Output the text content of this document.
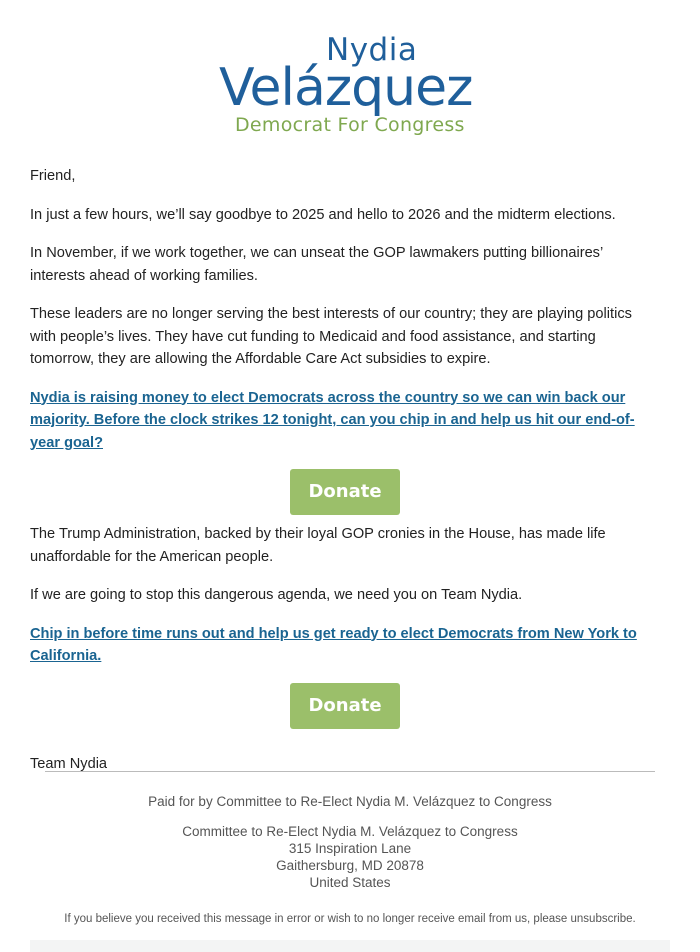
Nydia
Velázquez
Democrat For Congress

Friend,

In just a few hours, we’ll say goodbye to 2025 and hello to 2026 and the midterm elections.

In November, if we work together, we can unseat the GOP lawmakers putting billionaires’ interests ahead of working families.

These leaders are no longer serving the best interests of our country; they are playing politics with people’s lives. They have cut funding to Medicaid and food assistance, and starting tomorrow, they are allowing the Affordable Care Act subsidies to expire.

Nydia is raising money to elect Democrats across the country so we can win back our majority. Before the clock strikes 12 tonight, can you chip in and help us hit our end-of-year goal?

Donate

The Trump Administration, backed by their loyal GOP cronies in the House, has made life unaffordable for the American people.

If we are going to stop this dangerous agenda, we need you on Team Nydia.

Chip in before time runs out and help us get ready to elect Democrats from New York to California.

Donate

Team Nydia

Paid for by Committee to Re-Elect Nydia M. Velázquez to Congress
Committee to Re-Elect Nydia M. Velázquez to Congress
315 Inspiration Lane
Gaithersburg, MD 20878
United States
If you believe you received this message in error or wish to no longer receive email from us, please unsubscribe.
